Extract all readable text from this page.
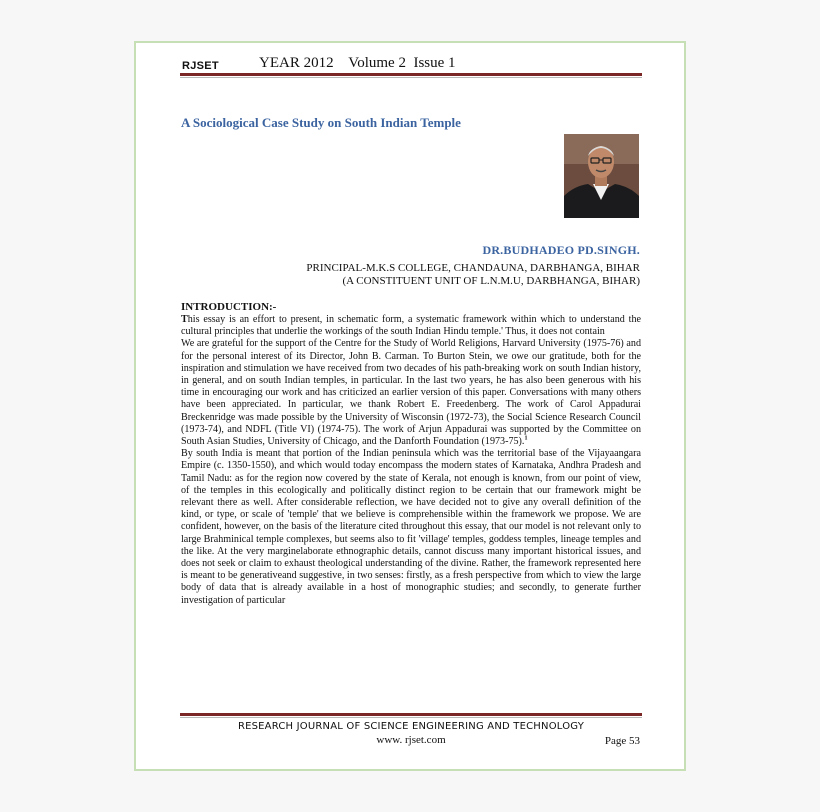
RJSET	YEAR 2012    Volume 2  Issue 1
A Sociological Case Study on South Indian Temple
DR.BUDHADEO PD.SINGH.
PRINCIPAL-M.K.S COLLEGE, CHANDAUNA, DARBHANGA, BIHAR
(A CONSTITUENT UNIT OF L.N.M.U, DARBHANGA, BIHAR)
INTRODUCTION:-

This essay is an effort to present, in schematic form, a systematic framework within which to understand the cultural principles that underlie the workings of the south Indian Hindu temple.' Thus, it does not contain

We are grateful for the support of the Centre for the Study of World Religions, Harvard University (1975-76) and for the personal interest of its Director, John B. Carman. To Burton Stein, we owe our gratitude, both for the inspiration and stimulation we have received from two decades of his path-breaking work on south Indian history, in general, and on south Indian temples, in particular. In the last two years, he has also been generous with his time in encouraging our work and has criticized an earlier version of this paper. Conversations with many others have been appreciated. In particular, we thank Robert E. Freedenberg. The work of Carol Appadurai Breckenridge was made possible by the University of Wisconsin (1972-73), the Social Science Research Council (1973-74), and NDFL (Title VI) (1974-75). The work of Arjun Appadurai was supported by the Committee on South Asian Studies, University of Chicago, and the Danforth Foundation (1973-75).$^1$

By south India is meant that portion of the Indian peninsula which was the territorial base of the Vijayaangara Empire (c. 1350-1550), and which would today encompass the modern states of Karnataka, Andhra Pradesh and Tamil Nadu: as for the region now covered by the state of Kerala, not enough is known, from our point of view, of the temples in this ecologically and politically distinct region to be certain that our framework might be relevant there as well. After considerable reflection, we have decided not to give any overall definition of the kind, or type, or scale of 'temple' that we believe is comprehensible within the framework we propose. We are confident, however, on the basis of the literature cited throughout this essay, that our model is not relevant only to large Brahminical temple complexes, but seems also to fit 'village' temples, goddess temples, lineage temples and the like. At the very marginelaborate ethnographic details, cannot discuss many important historical issues, and does not seek or claim to exhaust theological understanding of the divine. Rather, the framework represented here is meant to be generativeand suggestive, in two senses: firstly, as a fresh perspective from which to view the large body of data that is already available in a host of monographic studies; and secondly, to generate further investigation of particular

RESEARCH JOURNAL OF SCIENCE ENGINEERING AND TECHNOLOGY
www. rjset.com	Page 53
